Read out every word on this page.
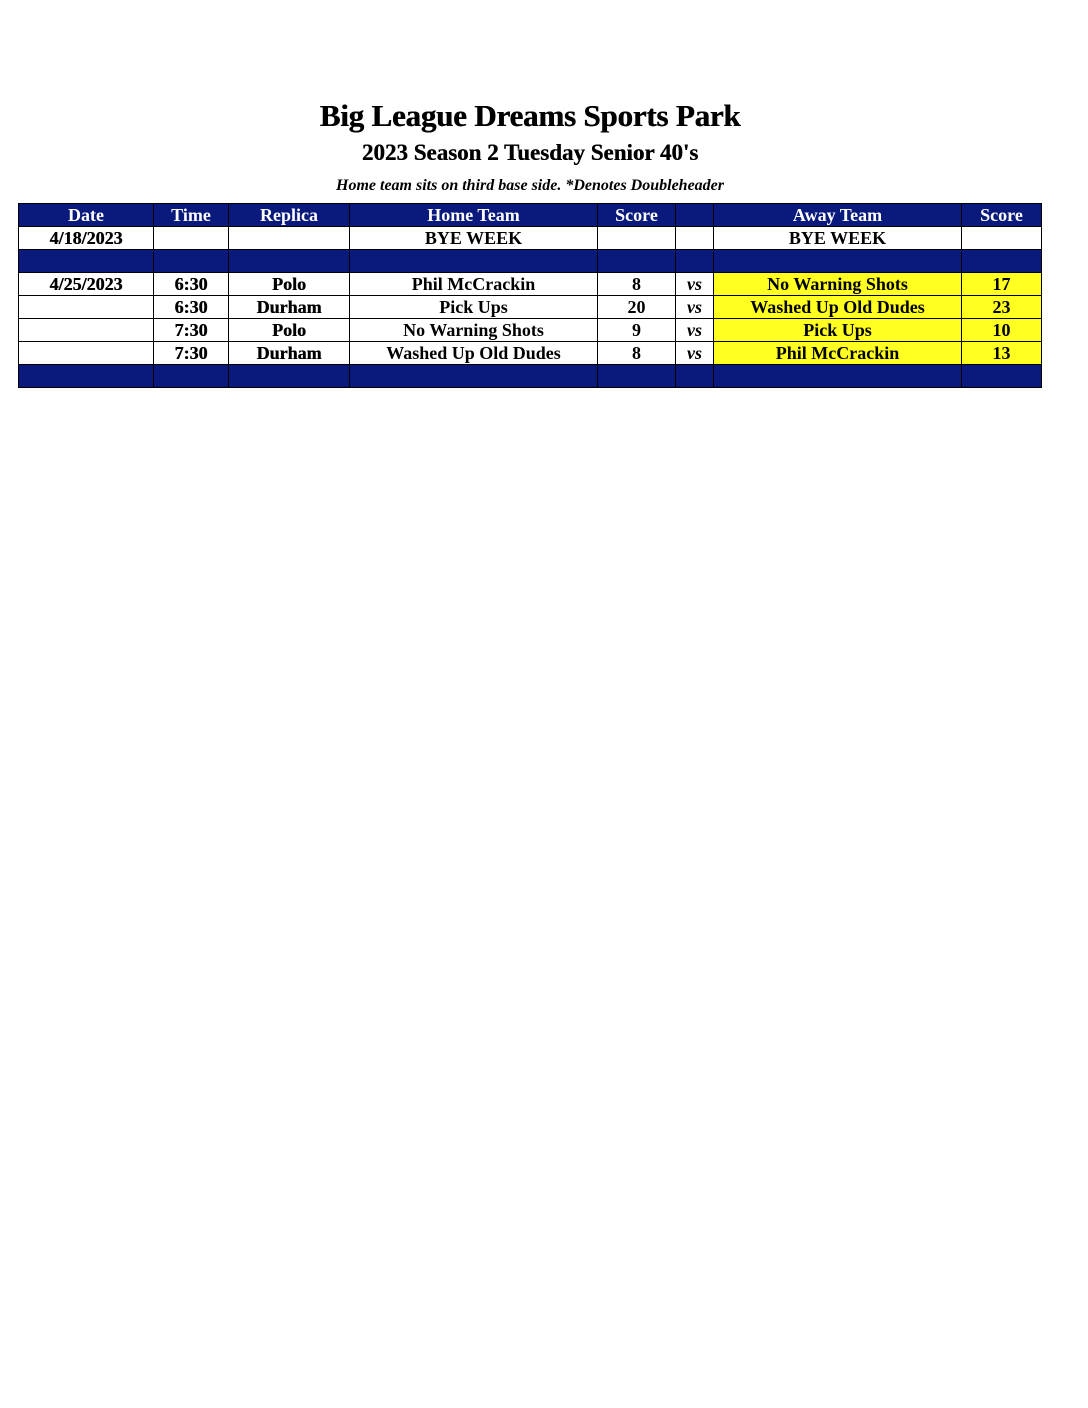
Big League Dreams Sports Park
2023 Season 2 Tuesday Senior 40's
Home team sits on third base side. *Denotes Doubleheader
Date	Time	Replica	Home Team	Score		Away Team	Score
4/18/2023			BYE WEEK			BYE WEEK	

4/25/2023	6:30	Polo	Phil McCrackin	8	vs	No Warning Shots	17
	6:30	Durham	Pick Ups	20	vs	Washed Up Old Dudes	23
	7:30	Polo	No Warning Shots	9	vs	Pick Ups	10
	7:30	Durham	Washed Up Old Dudes	8	vs	Phil McCrackin	13
